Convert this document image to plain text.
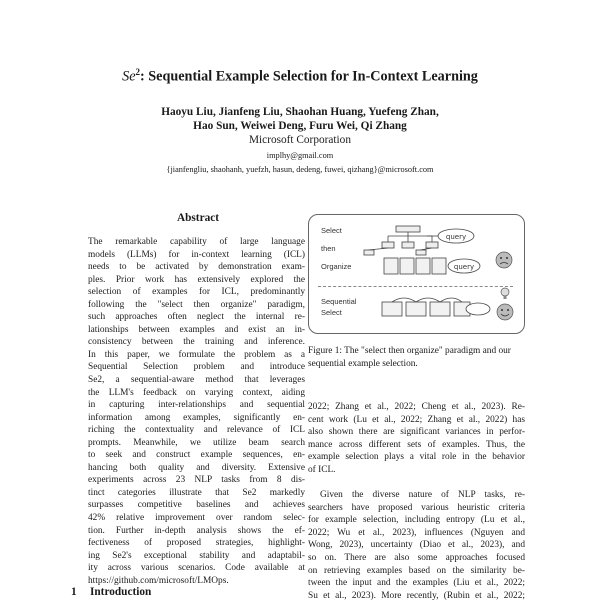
Se$^2$: Sequential Example Selection for In-Context Learning
Haoyu Liu, Jianfeng Liu, Shaohan Huang, Yuefeng Zhan,
Hao Sun, Weiwei Deng, Furu Wei, Qi Zhang
Microsoft Corporation
implhy@gmail.com
{jianfengliu, shaohanh, yuefzh, hasun, dedeng, fuwei, qizhang}@microsoft.com
Abstract
The remarkable capability of large language
models (LLMs) for in-context learning (ICL)
needs to be activated by demonstration exam-
ples. Prior work has extensively explored the
selection of examples for ICL, predominantly
following the "select then organize" paradigm,
such approaches often neglect the internal re-
lationships between examples and exist an in-
consistency between the training and inference.
In this paper, we formulate the problem as a
Sequential Selection problem and introduce
Se2, a sequential-aware method that leverages
the LLM's feedback on varying context, aiding
in capturing inter-relationships and sequential
information among examples, significantly en-
riching the contextuality and relevance of ICL
prompts. Meanwhile, we utilize beam search
to seek and construct example sequences, en-
hancing both quality and diversity. Extensive
experiments across 23 NLP tasks from 8 dis-
tinct categories illustrate that Se2 markedly
surpasses competitive baselines and achieves
42% relative improvement over random selec-
tion. Further in-depth analysis shows the ef-
fectiveness of proposed strategies, highlight-
ing Se2's exceptional stability and adaptabil-
ity across various scenarios. Code available at
https://github.com/microsoft/LMOps.
1 Introduction
Select
then
Organize
Sequential
Select
query
query
Figure 1: The "select then organize" paradigm and our
sequential example selection.
2022; Zhang et al., 2022; Cheng et al., 2023). Re-
cent work (Lu et al., 2022; Zhang et al., 2022) has
also shown there are significant variances in perfor-
mance across different sets of examples. Thus, the
example selection plays a vital role in the behavior
of ICL.
Given the diverse nature of NLP tasks, re-
searchers have proposed various heuristic criteria
for example selection, including entropy (Lu et al.,
2022; Wu et al., 2023), influences (Nguyen and
Wong, 2023), uncertainty (Diao et al., 2023), and
so on. There are also some approaches focused
on retrieving examples based on the similarity be-
tween the input and the examples (Liu et al., 2022;
Su et al., 2023). More recently, (Rubin et al., 2022;
